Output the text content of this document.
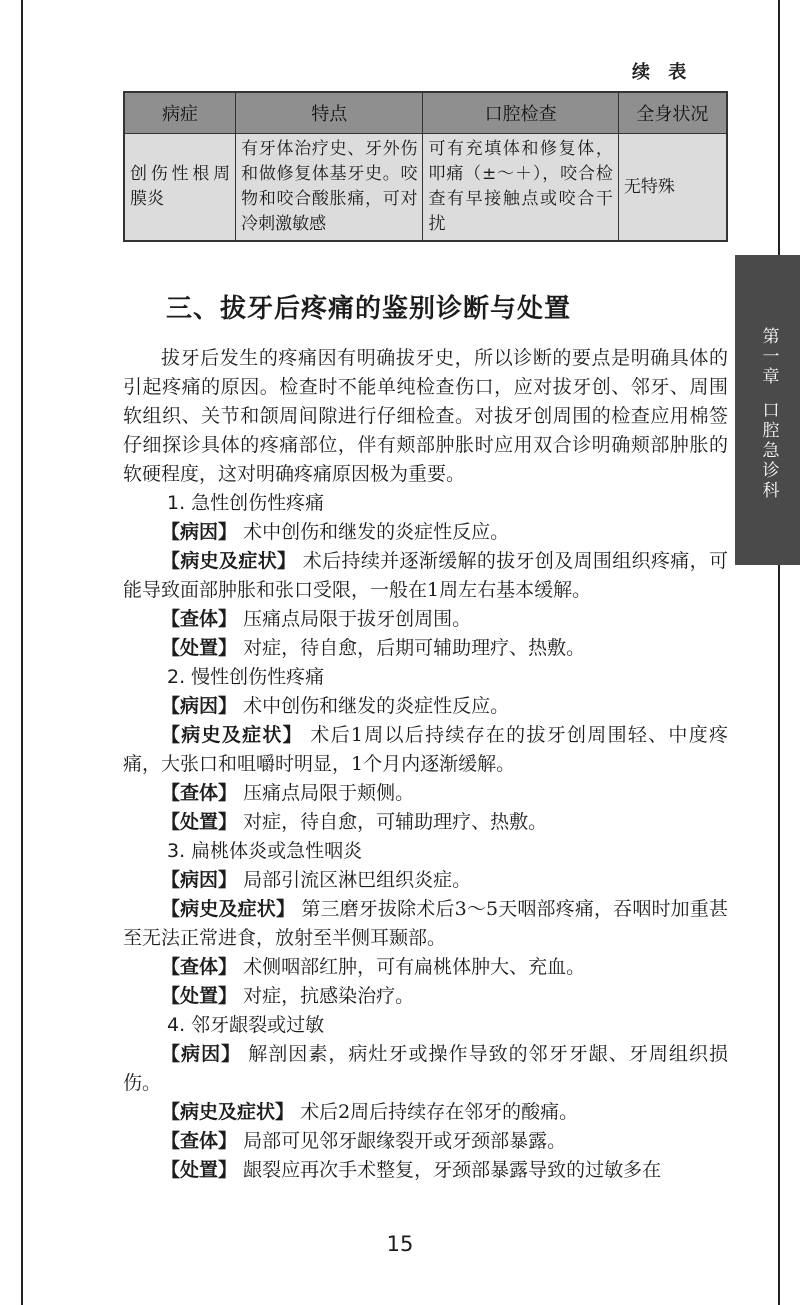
续 表
病症	特点	口腔检查	全身状况
创伤性根周膜炎	有牙体治疗史、牙外伤和做修复体基牙史。咬物和咬合酸胀痛，可对冷刺激敏感	可有充填体和修复体，叩痛（±～＋），咬合检查有早接触点或咬合干扰	无特殊
第一章
口腔急诊科
三、拔牙后疼痛的鉴别诊断与处置

拔牙后发生的疼痛因有明确拔牙史，所以诊断的要点是明确具体的引起疼痛的原因。检查时不能单纯检查伤口，应对拔牙创、邻牙、周围软组织、关节和颌周间隙进行仔细检查。对拔牙创周围的检查应用棉签仔细探诊具体的疼痛部位，伴有颊部肿胀时应用双合诊明确颊部肿胀的软硬程度，这对明确疼痛原因极为重要。

1. 急性创伤性疼痛

【病因】 术中创伤和继发的炎症性反应。

【病史及症状】 术后持续并逐渐缓解的拔牙创及周围组织疼痛，可能导致面部肿胀和张口受限，一般在1周左右基本缓解。

【查体】 压痛点局限于拔牙创周围。

【处置】 对症，待自愈，后期可辅助理疗、热敷。

2. 慢性创伤性疼痛

【病因】 术中创伤和继发的炎症性反应。

【病史及症状】 术后1周以后持续存在的拔牙创周围轻、中度疼痛，大张口和咀嚼时明显，1个月内逐渐缓解。

【查体】 压痛点局限于颊侧。

【处置】 对症，待自愈，可辅助理疗、热敷。

3. 扁桃体炎或急性咽炎

【病因】 局部引流区淋巴组织炎症。

【病史及症状】 第三磨牙拔除术后3～5天咽部疼痛，吞咽时加重甚至无法正常进食，放射至半侧耳颞部。

【查体】 术侧咽部红肿，可有扁桃体肿大、充血。

【处置】 对症，抗感染治疗。

4. 邻牙龈裂或过敏

【病因】 解剖因素，病灶牙或操作导致的邻牙牙龈、牙周组织损伤。

【病史及症状】 术后2周后持续存在邻牙的酸痛。

【查体】 局部可见邻牙龈缘裂开或牙颈部暴露。

【处置】 龈裂应再次手术整复，牙颈部暴露导致的过敏多在

15
